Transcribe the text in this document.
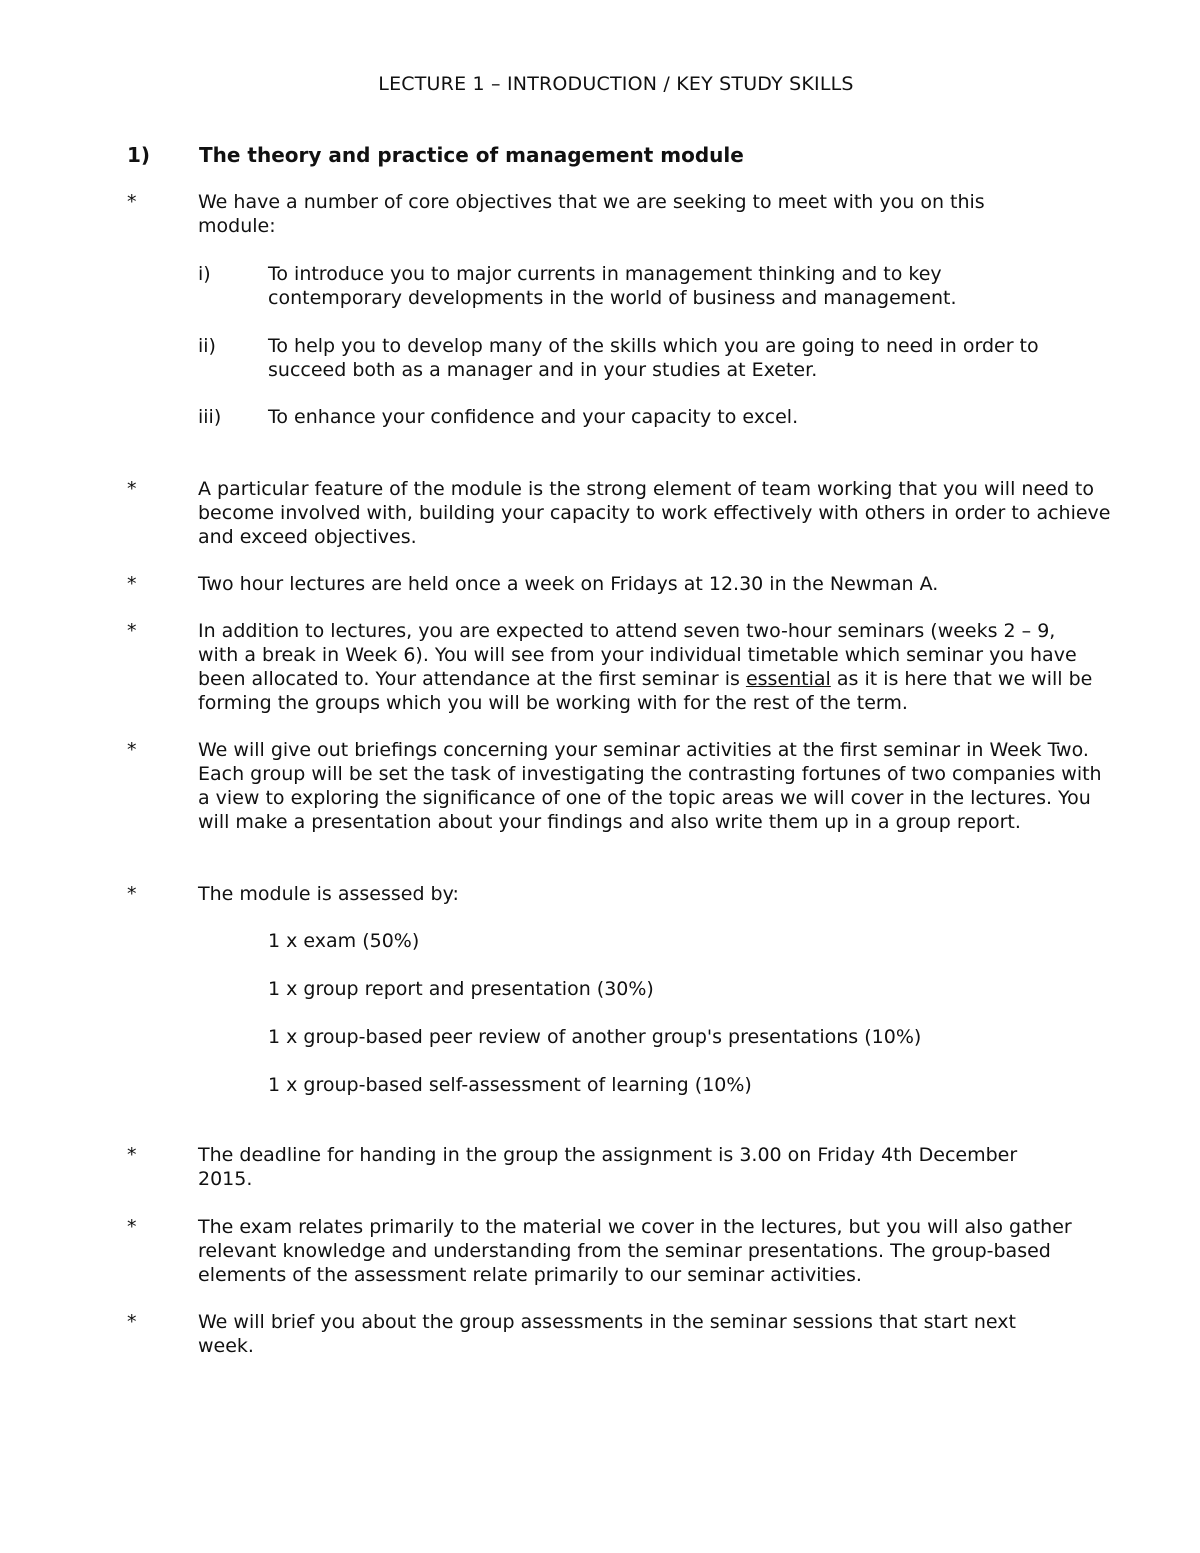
LECTURE 1 – INTRODUCTION / KEY STUDY SKILLS
1)	The theory and practice of management module
*	We have a number of core objectives that we are seeking to meet with you on this module:
i)	To introduce you to major currents in management thinking and to key contemporary developments in the world of business and management.
ii)	To help you to develop many of the skills which you are going to need in order to succeed both as a manager and in your studies at Exeter.
iii)	To enhance your confidence and your capacity to excel.
*	A particular feature of the module is the strong element of team working that you will need to become involved with, building your capacity to work effectively with others in order to achieve and exceed objectives.
*	Two hour lectures are held once a week on Fridays at 12.30 in the Newman A.
*	In addition to lectures, you are expected to attend seven two-hour seminars (weeks 2 – 9, with a break in Week 6). You will see from your individual timetable which seminar you have been allocated to. Your attendance at the first seminar is essential as it is here that we will be forming the groups which you will be working with for the rest of the term.
*	We will give out briefings concerning your seminar activities at the first seminar in Week Two. Each group will be set the task of investigating the contrasting fortunes of two companies with a view to exploring the significance of one of the topic areas we will cover in the lectures. You will make a presentation about your findings and also write them up in a group report.
*	The module is assessed by:
1 x exam (50%)
1 x group report and presentation (30%)
1 x group-based peer review of another group's presentations (10%)
1 x group-based self-assessment of learning (10%)
*	The deadline for handing in the group the assignment is 3.00 on Friday 4th December 2015.
*	The exam relates primarily to the material we cover in the lectures, but you will also gather relevant knowledge and understanding from the seminar presentations. The group-based elements of the assessment relate primarily to our seminar activities.
*	We will brief you about the group assessments in the seminar sessions that start next week.
